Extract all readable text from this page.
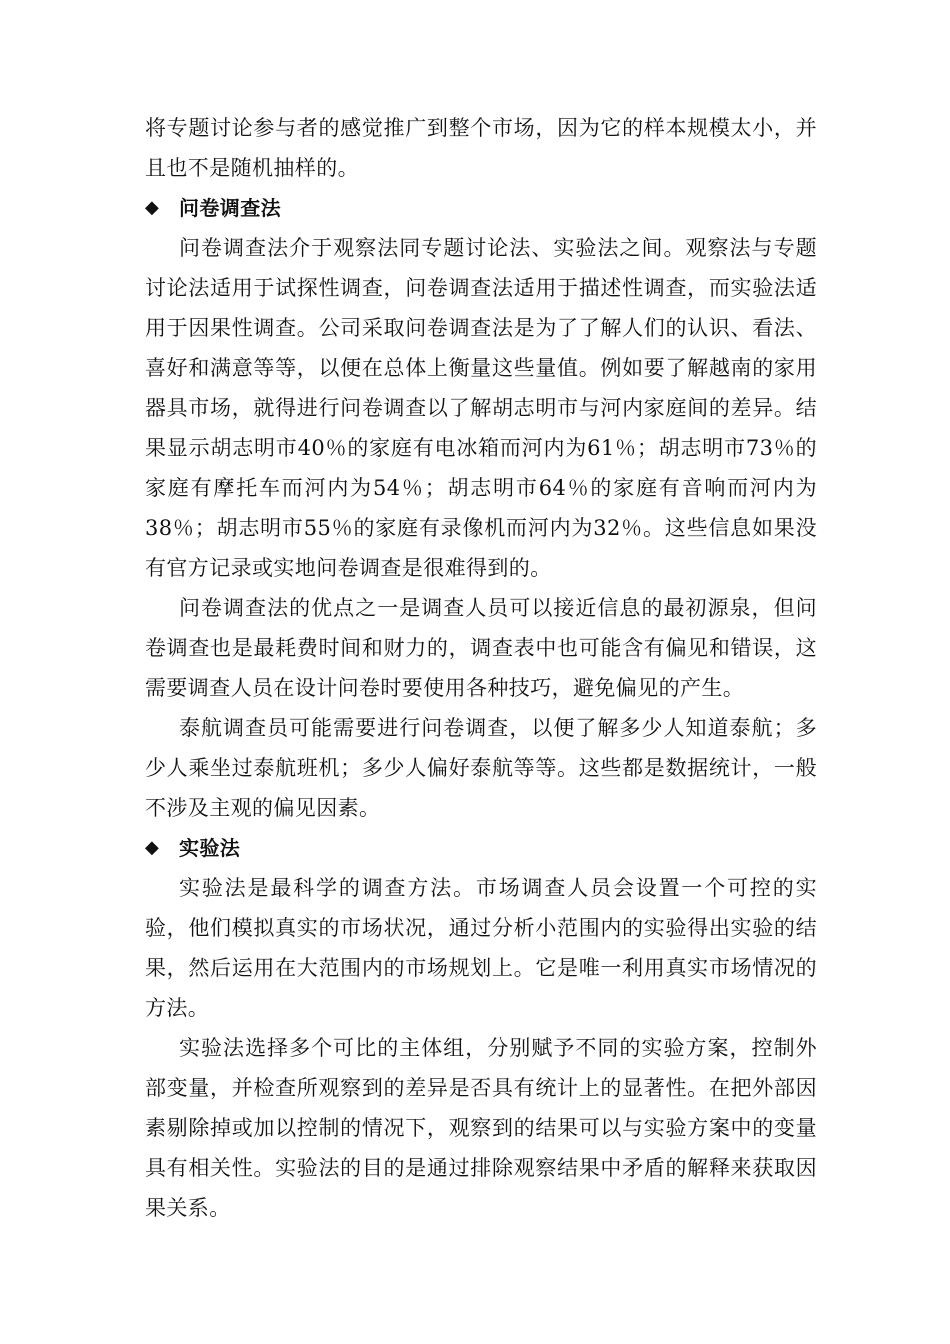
将专题讨论参与者的感觉推广到整个市场，因为它的样本规模太小，并且也不是随机抽样的。

◆ 问卷调查法

问卷调查法介于观察法同专题讨论法、实验法之间。观察法与专题讨论法适用于试探性调查，问卷调查法适用于描述性调查，而实验法适用于因果性调查。公司采取问卷调查法是为了了解人们的认识、看法、喜好和满意等等，以便在总体上衡量这些量值。例如要了解越南的家用器具市场，就得进行问卷调查以了解胡志明市与河内家庭间的差异。结果显示胡志明市40％的家庭有电冰箱而河内为61％；胡志明市73％的家庭有摩托车而河内为54％；胡志明市64％的家庭有音响而河内为38％；胡志明市55％的家庭有录像机而河内为32％。这些信息如果没有官方记录或实地问卷调查是很难得到的。

问卷调查法的优点之一是调查人员可以接近信息的最初源泉，但问卷调查也是最耗费时间和财力的，调查表中也可能含有偏见和错误，这需要调查人员在设计问卷时要使用各种技巧，避免偏见的产生。

泰航调查员可能需要进行问卷调查，以便了解多少人知道泰航；多少人乘坐过泰航班机；多少人偏好泰航等等。这些都是数据统计，一般不涉及主观的偏见因素。

◆ 实验法

实验法是最科学的调查方法。市场调查人员会设置一个可控的实验，他们模拟真实的市场状况，通过分析小范围内的实验得出实验的结果，然后运用在大范围内的市场规划上。它是唯一利用真实市场情况的方法。

实验法选择多个可比的主体组，分别赋予不同的实验方案，控制外部变量，并检查所观察到的差异是否具有统计上的显著性。在把外部因素剔除掉或加以控制的情况下，观察到的结果可以与实验方案中的变量具有相关性。实验法的目的是通过排除观察结果中矛盾的解释来获取因果关系。
